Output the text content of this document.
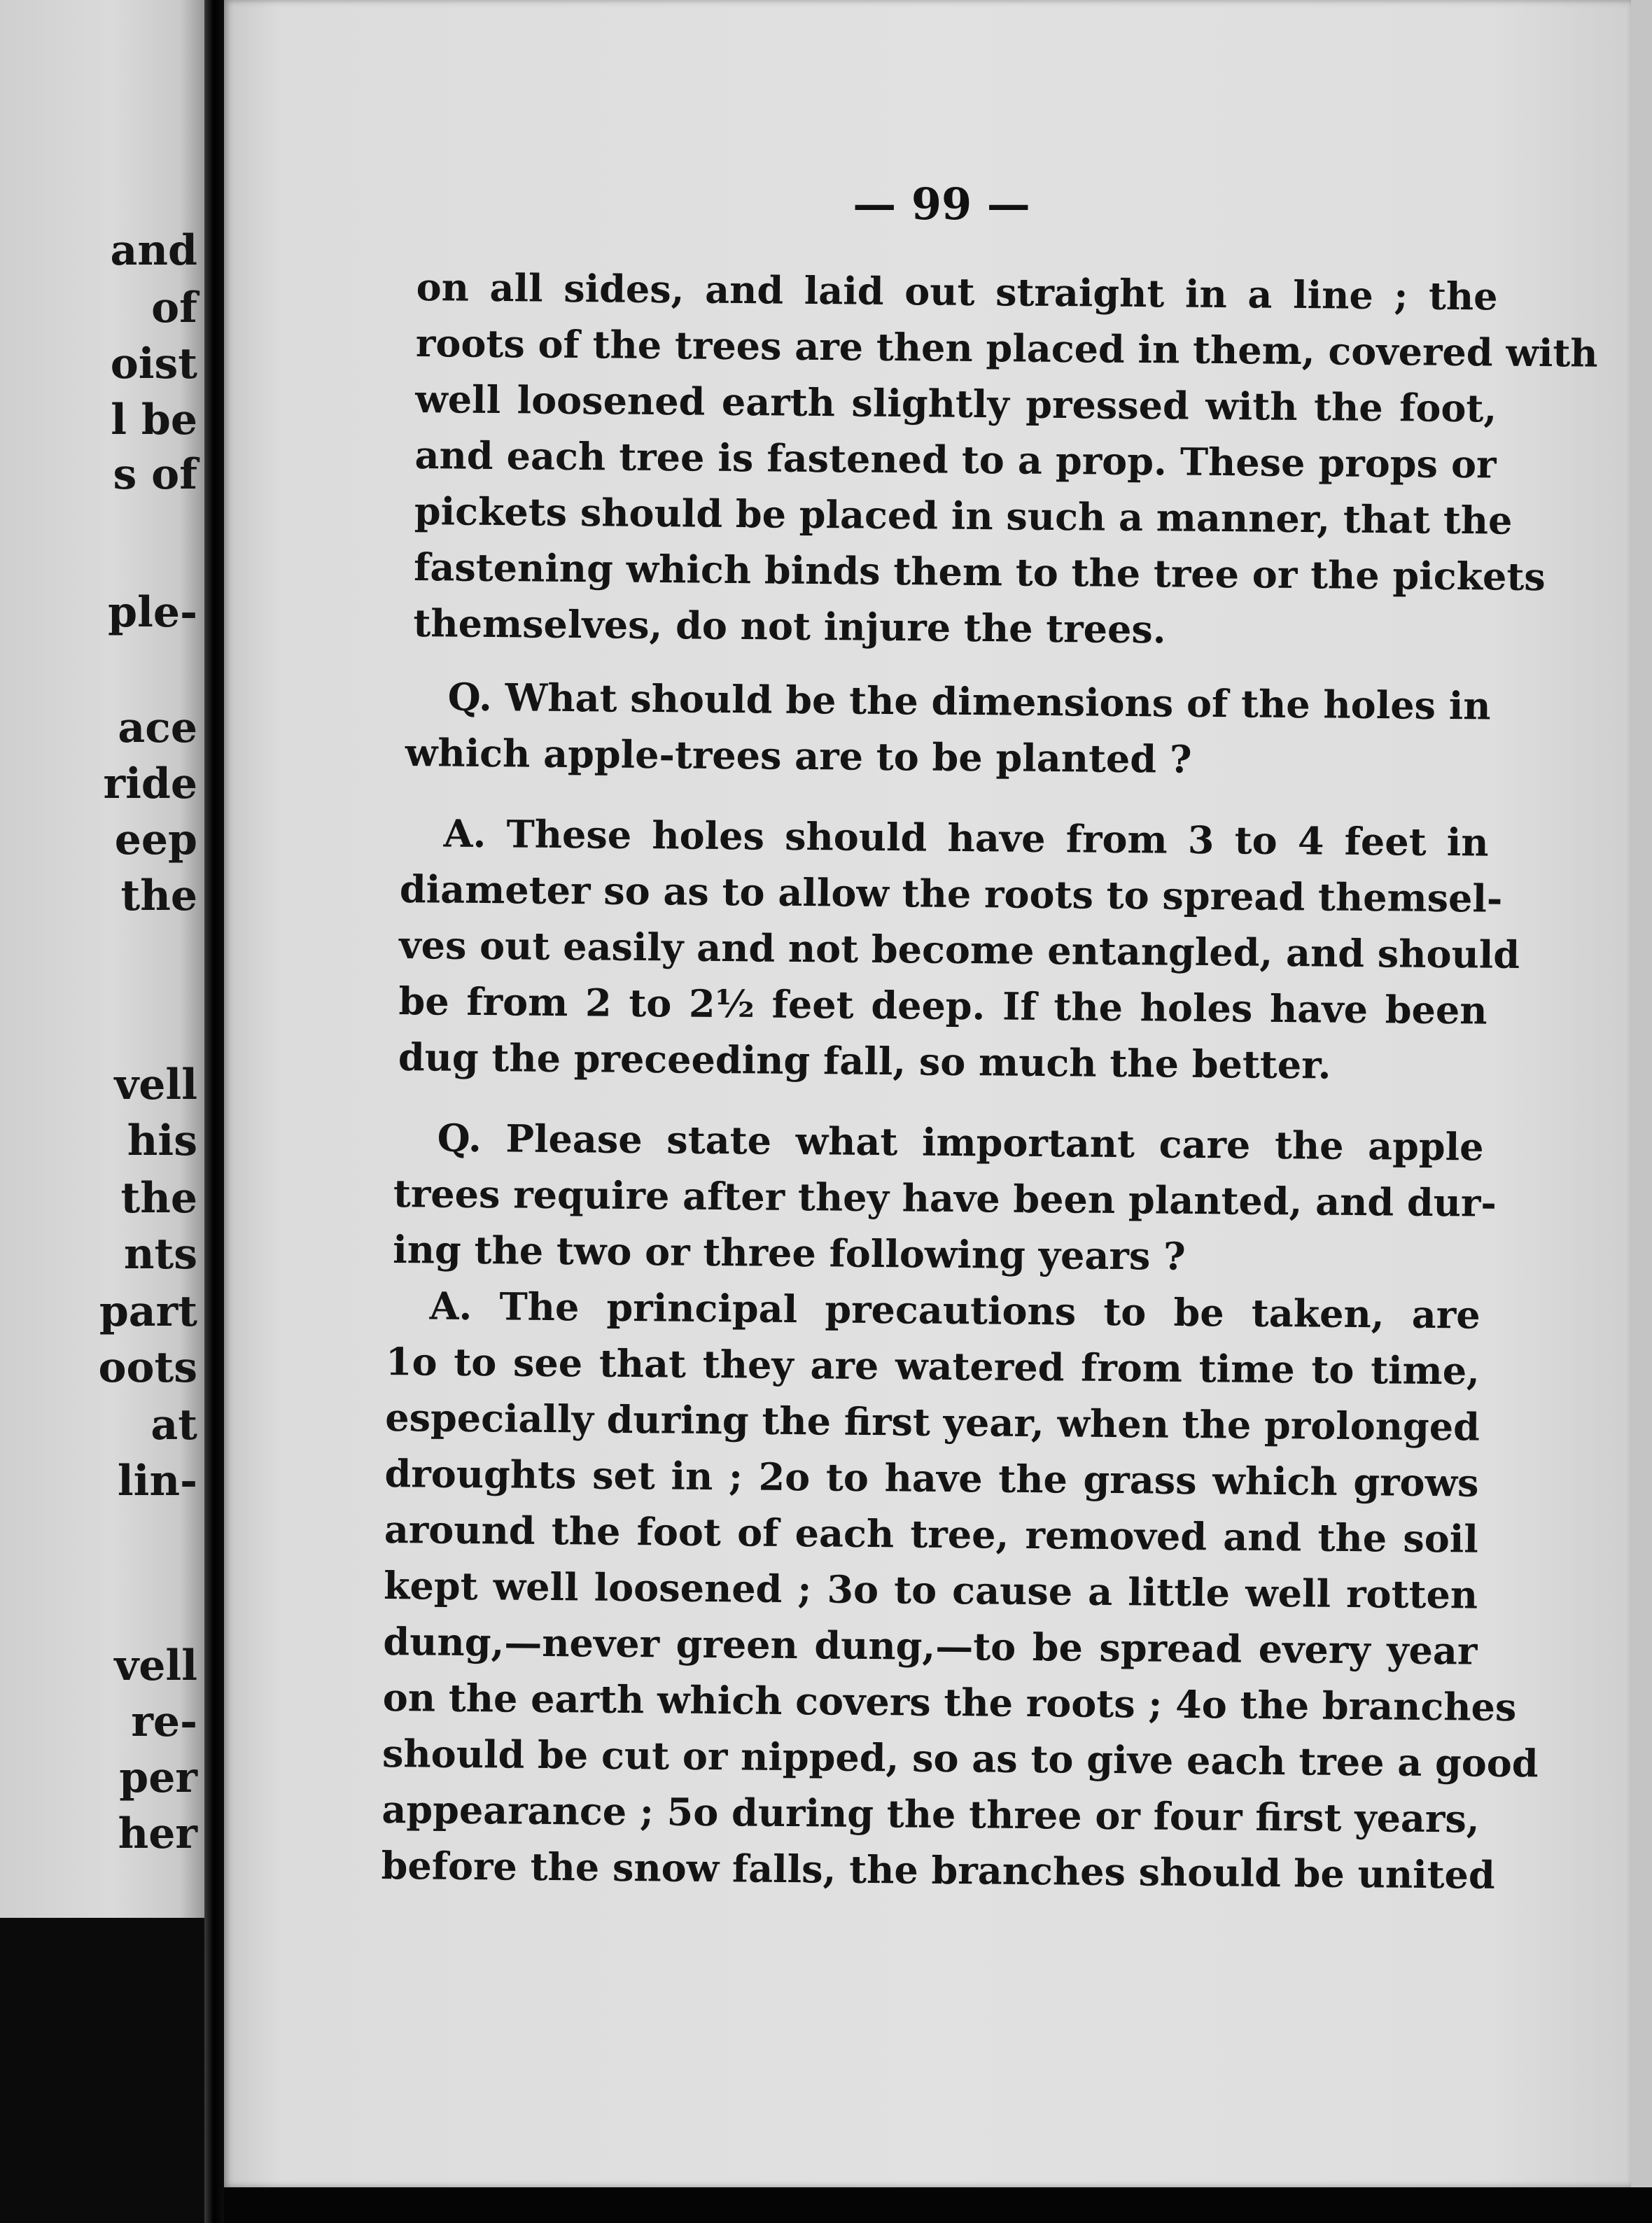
and
of
oist
l be
s of
ple-
ace
ride
eep
the
vell
his
the
nts
part
oots
at
lin-
vell
re-
per
her
— 99 —
on all sides, and laid out straight in a line ; the
roots of the trees are then placed in them, covered with
well loosened earth slightly pressed with the foot,
and each tree is fastened to a prop. These props or
pickets should be placed in such a manner, that the
fastening which binds them to the tree or the pickets
themselves, do not injure the trees.
Q. What should be the dimensions of the holes in
which apple-trees are to be planted ?
A. These holes should have from 3 to 4 feet in
diameter so as to allow the roots to spread themsel-
ves out easily and not become entangled, and should
be from 2 to 2½ feet deep. If the holes have been
dug the preceeding fall, so much the better.
Q. Please state what important care the apple
trees require after they have been planted, and dur-
ing the two or three following years ?
A. The principal precautions to be taken, are
1o to see that they are watered from time to time,
especially during the first year, when the prolonged
droughts set in ; 2o to have the grass which grows
around the foot of each tree, removed and the soil
kept well loosened ; 3o to cause a little well rotten
dung,—never green dung,—to be spread every year
on the earth which covers the roots ; 4o the branches
should be cut or nipped, so as to give each tree a good
appearance ; 5o during the three or four first years,
before the snow falls, the branches should be united
